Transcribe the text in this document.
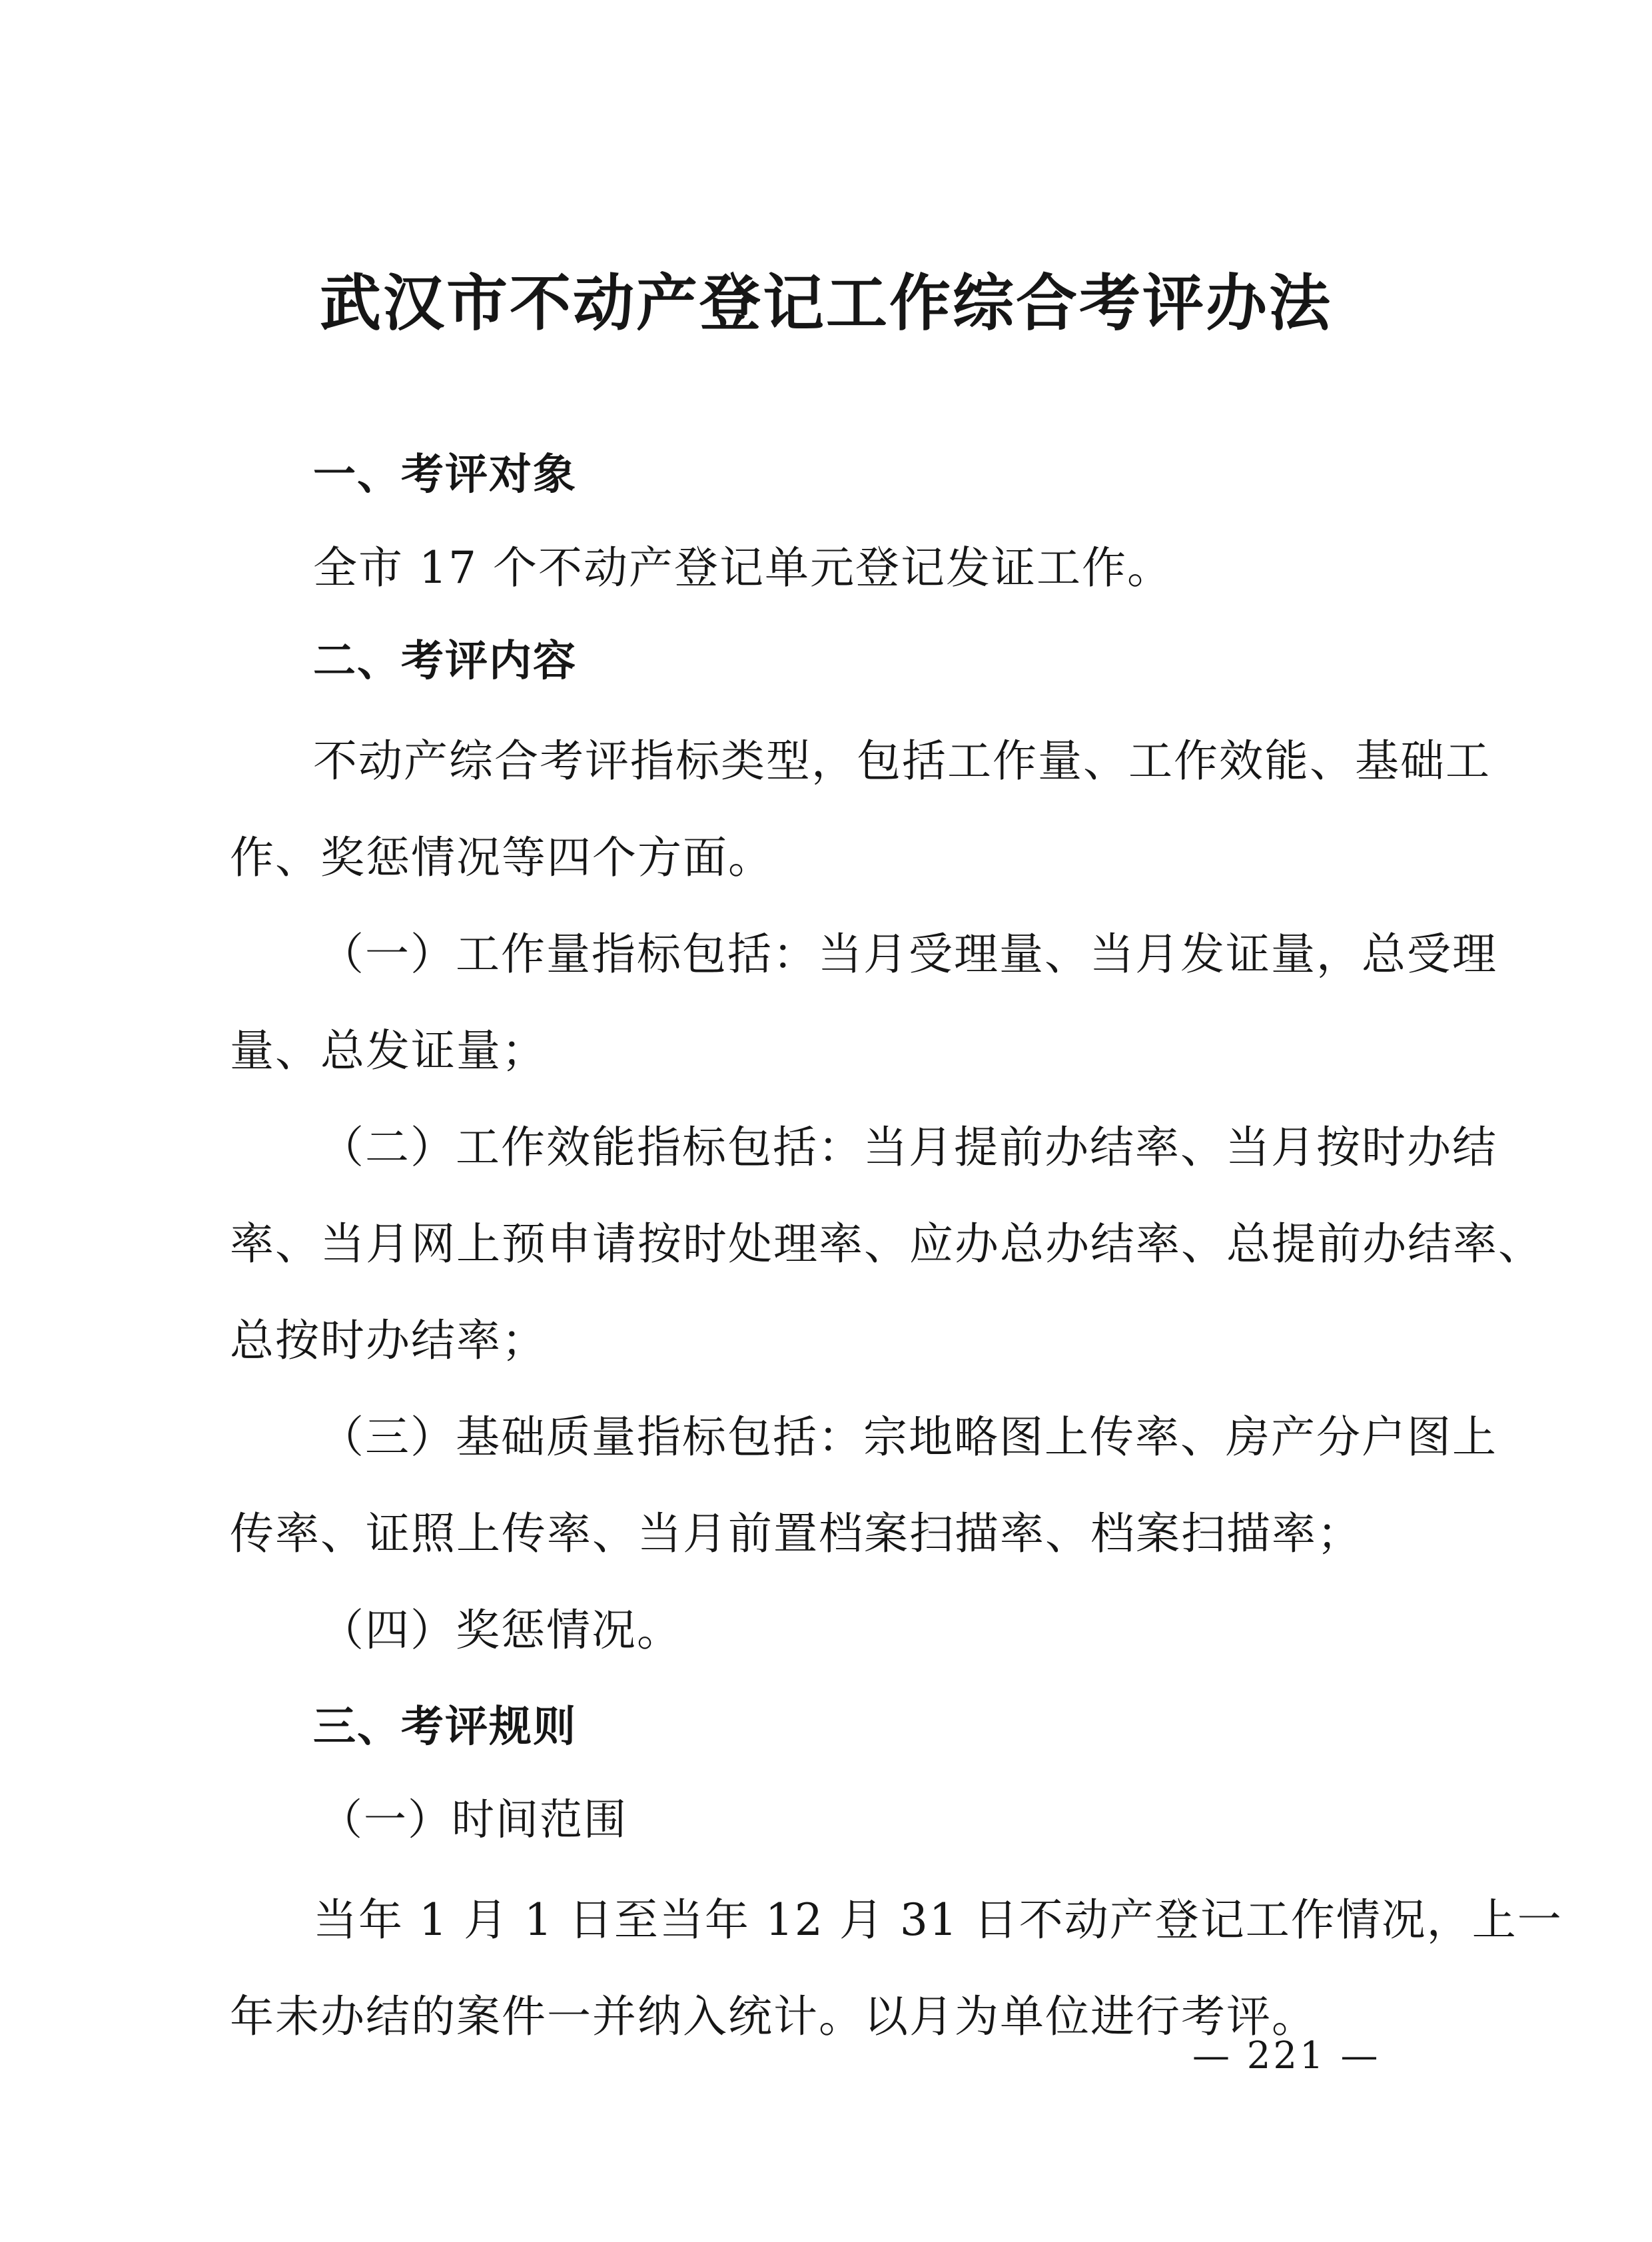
武汉市不动产登记工作综合考评办法
一、考评对象
全市 17 个不动产登记单元登记发证工作。
二、考评内容
不动产综合考评指标类型，包括工作量、工作效能、基础工
作、奖惩情况等四个方面。
（一）工作量指标包括：当月受理量、当月发证量，总受理
量、总发证量；
（二）工作效能指标包括：当月提前办结率、当月按时办结
率、当月网上预申请按时处理率、应办总办结率、总提前办结率、
总按时办结率；
（三）基础质量指标包括：宗地略图上传率、房产分户图上
传率、证照上传率、当月前置档案扫描率、档案扫描率；
（四）奖惩情况。
三、考评规则
（一）时间范围
当年 1 月 1 日至当年 12 月 31 日不动产登记工作情况，上一
年未办结的案件一并纳入统计。以月为单位进行考评。
— 221 —
